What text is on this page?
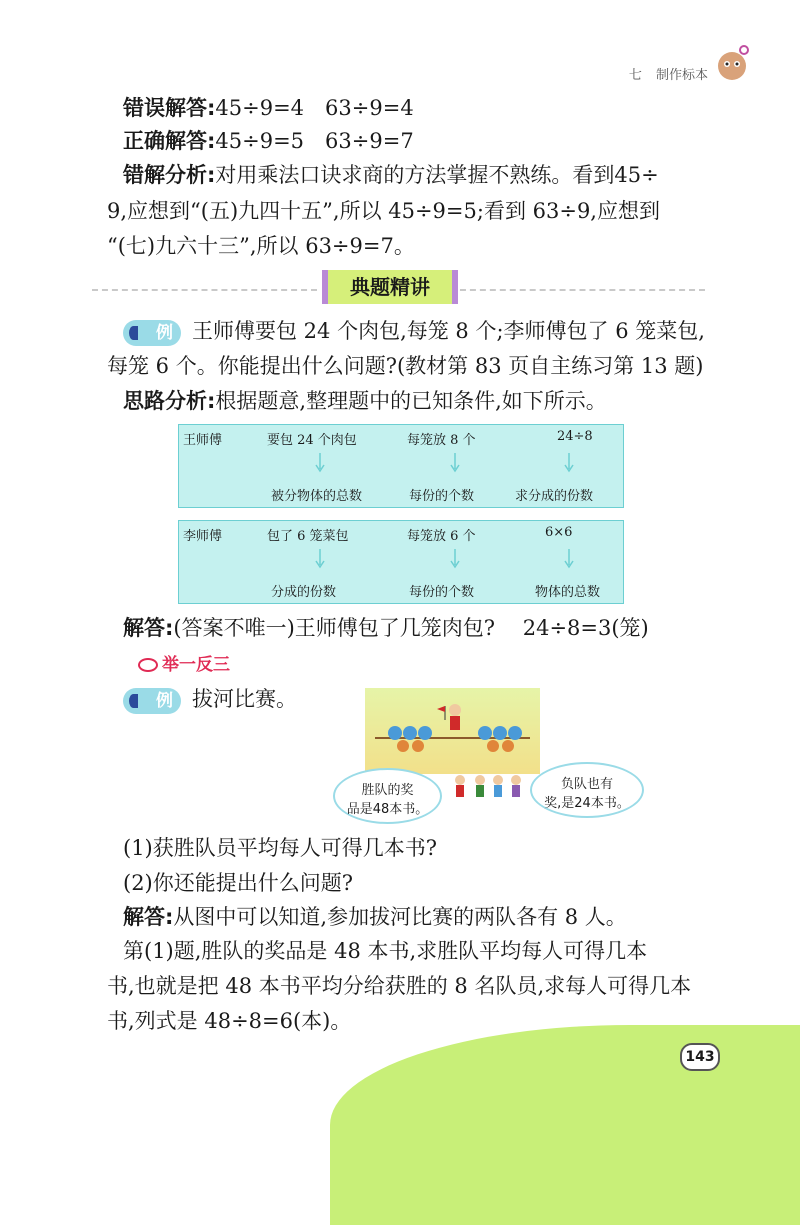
七 制作标本
错误解答:45÷9=4　63÷9=4
正确解答:45÷9=5　63÷9=7
错解分析:对用乘法口诀求商的方法掌握不熟练。看到45÷
9,应想到“(五)九四十五”,所以 45÷9=5;看到 63÷9,应想到
“(七)九六十三”,所以 63÷9=7。
典题精讲
例 王师傅要包 24 个肉包,每笼 8 个;李师傅包了 6 笼菜包,
每笼 6 个。你能提出什么问题?(教材第 83 页自主练习第 13 题)
思路分析:根据题意,整理题中的已知条件,如下所示。
王师傅	要包 24 个肉包	每笼放 8 个	24÷8
被分物体的总数	每份的个数	求分成的份数
李师傅	包了 6 笼菜包	每笼放 6 个	6×6
分成的份数	每份的个数	物体的总数
解答:(答案不唯一)王师傅包了几笼肉包?　 24÷8=3(笼)
举一反三
例 拔河比赛。
胜队的奖
品是48本书。
负队也有
奖,是24本书。
(1)获胜队员平均每人可得几本书?
(2)你还能提出什么问题?
解答:从图中可以知道,参加拔河比赛的两队各有 8 人。
第(1)题,胜队的奖品是 48 本书,求胜队平均每人可得几本
书,也就是把 48 本书平均分给获胜的 8 名队员,求每人可得几本
书,列式是 48÷8=6(本)。
143
